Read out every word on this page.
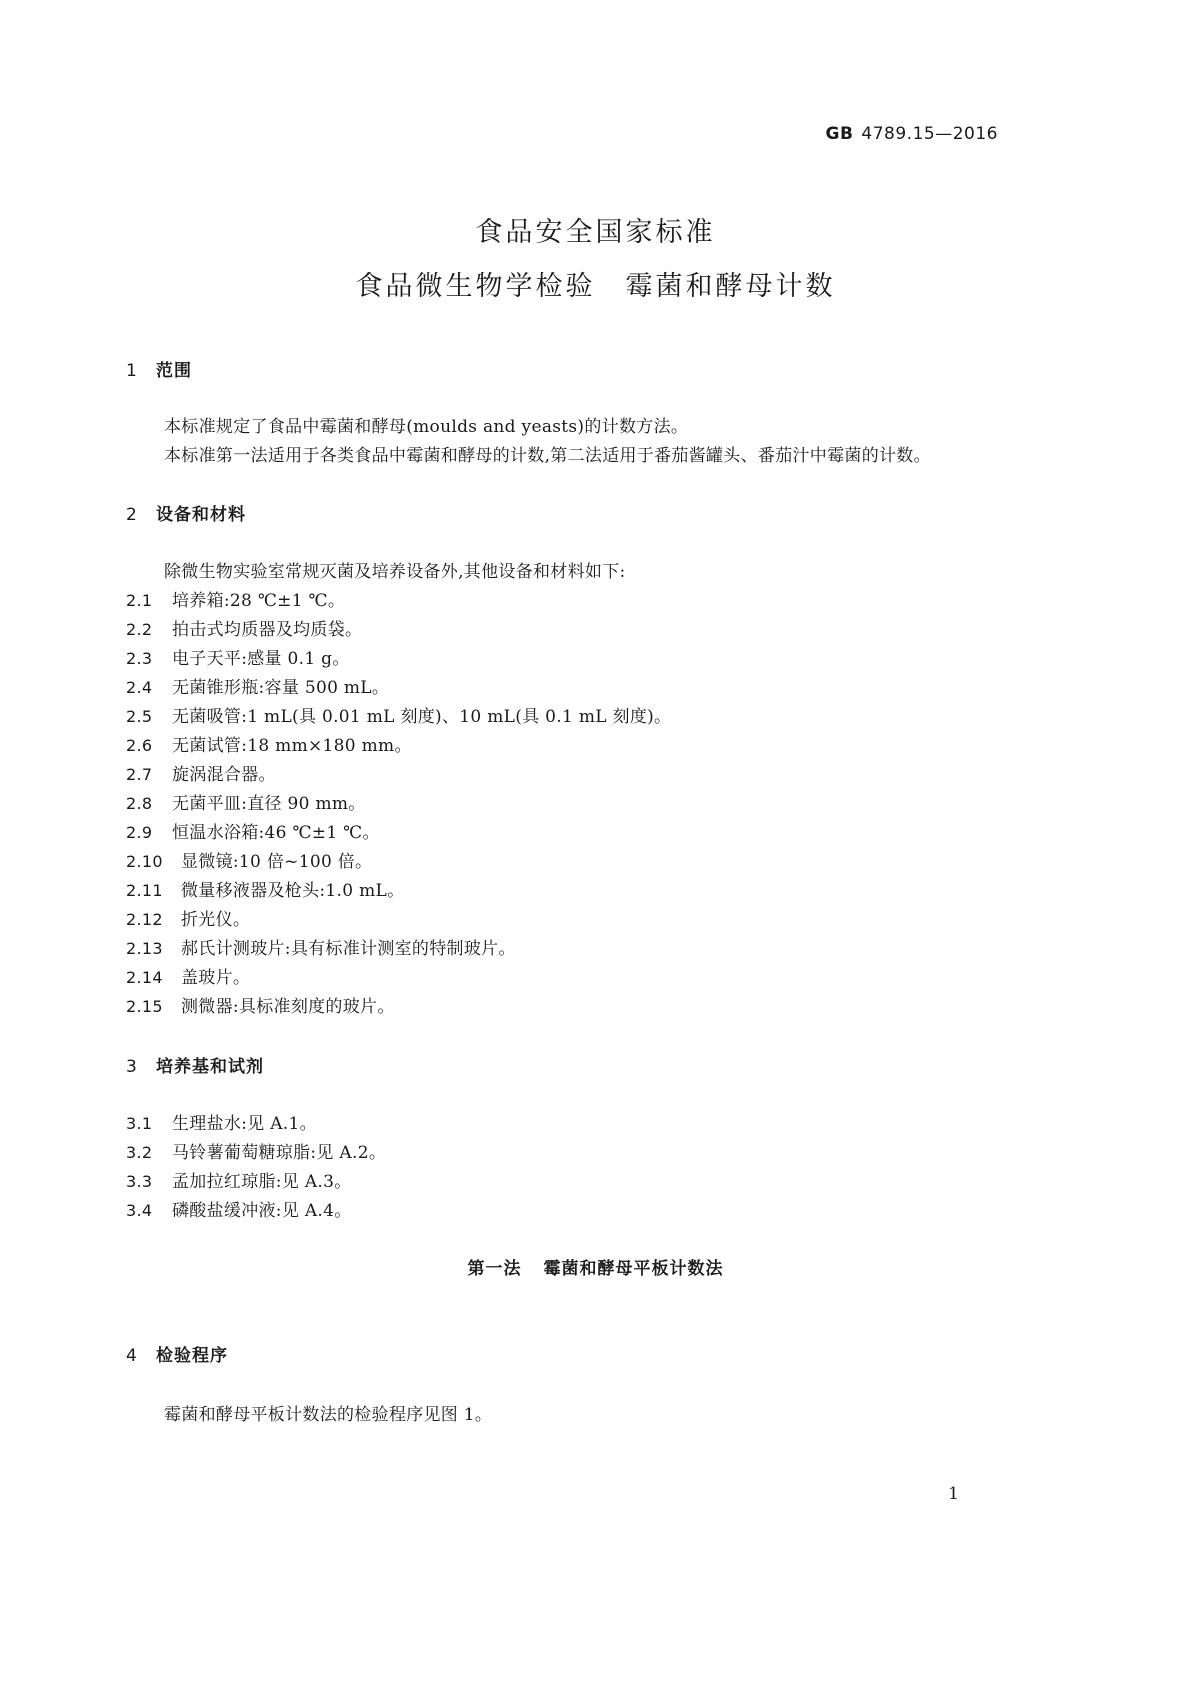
GB 4789.15—2016
食品安全国家标准
食品微生物学检验 霉菌和酵母计数
1 范围
本标准规定了食品中霉菌和酵母(moulds and yeasts)的计数方法。
本标准第一法适用于各类食品中霉菌和酵母的计数,第二法适用于番茄酱罐头、番茄汁中霉菌的计数。
2 设备和材料
除微生物实验室常规灭菌及培养设备外,其他设备和材料如下:
2.1 培养箱:28 ℃±1 ℃。
2.2 拍击式均质器及均质袋。
2.3 电子天平:感量 0.1 g。
2.4 无菌锥形瓶:容量 500 mL。
2.5 无菌吸管:1 mL(具 0.01 mL 刻度)、10 mL(具 0.1 mL 刻度)。
2.6 无菌试管:18 mm×180 mm。
2.7 旋涡混合器。
2.8 无菌平皿:直径 90 mm。
2.9 恒温水浴箱:46 ℃±1 ℃。
2.10 显微镜:10 倍~100 倍。
2.11 微量移液器及枪头:1.0 mL。
2.12 折光仪。
2.13 郝氏计测玻片:具有标准计测室的特制玻片。
2.14 盖玻片。
2.15 测微器:具标准刻度的玻片。
3 培养基和试剂
3.1 生理盐水:见 A.1。
3.2 马铃薯葡萄糖琼脂:见 A.2。
3.3 孟加拉红琼脂:见 A.3。
3.4 磷酸盐缓冲液:见 A.4。
第一法 霉菌和酵母平板计数法
4 检验程序
霉菌和酵母平板计数法的检验程序见图 1。
1
